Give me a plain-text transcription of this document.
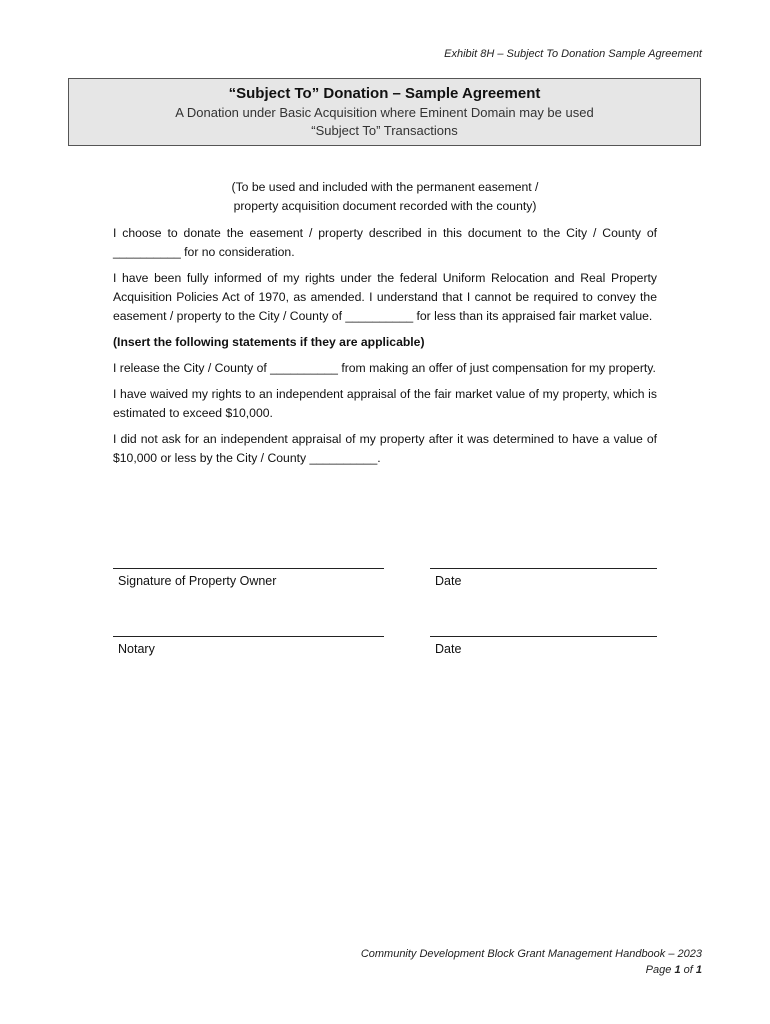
Exhibit 8H – Subject To Donation Sample Agreement
“Subject To” Donation – Sample Agreement
A Donation under Basic Acquisition where Eminent Domain may be used
“Subject To” Transactions
(To be used and included with the permanent easement /
property acquisition document recorded with the county)

I choose to donate the easement / property described in this document to the City / County of __________ for no consideration.

I have been fully informed of my rights under the federal Uniform Relocation and Real Property Acquisition Policies Act of 1970, as amended. I understand that I cannot be required to convey the easement / property to the City / County of __________ for less than its appraised fair market value.

(Insert the following statements if they are applicable)

I release the City / County of __________ from making an offer of just compensation for my property.

I have waived my rights to an independent appraisal of the fair market value of my property, which is estimated to exceed $10,000.

I did not ask for an independent appraisal of my property after it was determined to have a value of $10,000 or less by the City / County __________.

Signature of Property Owner	Date
Notary	Date
Community Development Block Grant Management Handbook – 2023
Page 1 of 1
